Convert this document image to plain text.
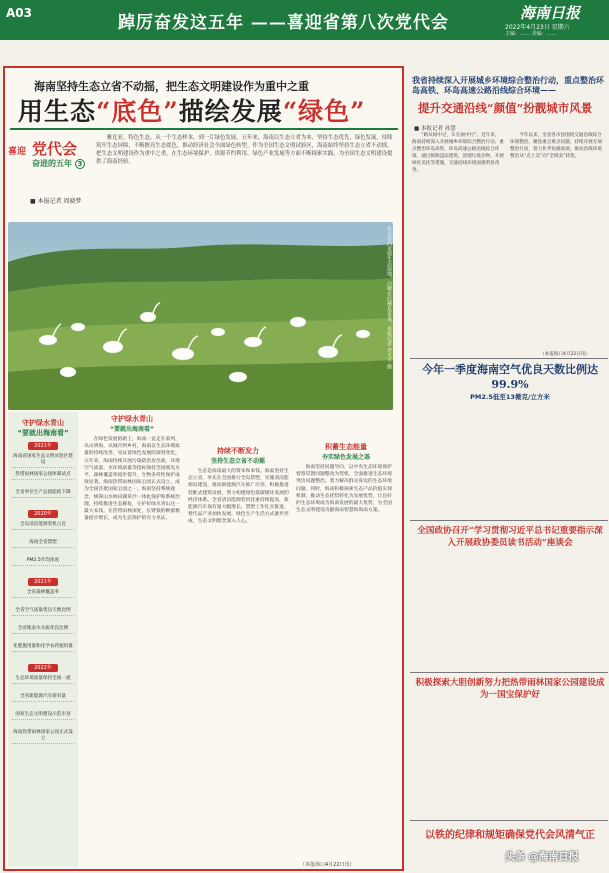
A03	踔厉奋发这五年 ——喜迎省第八次党代会	海南日报
2022年4月23日 星期六
主编：…… 美编：……
海南坚持生态立省不动摇，把生态文明建设作为重中之重
用生态“底色”描绘发展“绿色”
喜迎 党代会
奋进的五年 3
■ 本报记者 周晓梦
雅比亚，特色生态。从一个生态样本，到一片绿色发展，五年来，海南以生态立省为本，坚持生态优先、绿色发展，持续筑牢生态屏障，不断擦亮生态底色，推动经济社会全面绿色转型。作为全国生态文明试验区，海南始终坚持生态立省不动摇，把生态文明建设作为重中之重，在生态环境保护、资源节约利用、绿色产业发展等方面不断探索实践，为全国生态文明建设提供了海南经验。
东方市四更镇生态湿地，白鹭在此栖息觅食。本报记者 李天平 摄
守护绿水青山
“要就出海南看”
2021年
海南省国家生态文明试验区建设
热带雨林国家公园体制试点
全省单位生产总值能耗下降
2020年
全岛清洁能源装机占比
海南全省禁塑
PM2.5年均浓度
2021年
全省森林覆盖率
全省空气质量优良天数比例
全省地表水水质优良比例
化肥施用量和化学农药使用量
2022年
生态环境质量保持全国一流
全省新能源汽车保有量
国家生态文明建设示范市县
海南热带雨林国家公园正式设立
守护绿水青山
“要就出海南看”
持续不断发力
坚持生态立省不动摇
积蓄生态能量
夯实绿色发展之基
在绿色发展的路上，海南一直走在前列。从山到海，从城市到乡村，海南以生态环境质量的持续改善，见证着绿色发展的深刻变化。五年来，海南持续开展污染防治攻坚战，环境空气质量、水环境质量等指标保持全国领先水平，森林覆盖率稳步提升，生物多样性保护成效显著。海南热带雨林国家公园正式设立，成为全国首批国家公园之一。海南坚持系统观念，统筹山水林田湖草沙一体化保护和系统治理，持续推进生态修复，守护好绿水青山这一最大本钱。在热带雨林深处，长臂猿的种群数量稳步增长，成为生态保护的有力见证。
生态是海南最大的资本和本钱。海南坚持生态立省，率先在全国推行全岛禁塑，实施清洁能源岛建设，推动新能源汽车推广应用，积极推进装配式建筑发展，努力构建绿色低碳循环发展的经济体系。全省清洁能源装机比重持续提高，新能源汽车保有量大幅增长，禁塑工作扎实推进，替代品产业加快发展，绿色生产生活方式逐步形成，生态文明理念深入人心。
海南坚持问题导向，以中央生态环境保护督察反馈问题整改为契机，全面推进生态环境突出问题整治，着力解决群众身边的生态环境问题。同时，海南积极探索生态产品价值实现机制，推动生态优势转化为发展优势，让良好的生态环境成为海南发展的最大优势，为全国生态文明建设贡献海南智慧和海南方案。
（本报海口4月22日讯）
我省持续深入开展城乡环境综合整治行动，重点整治环岛高铁、环岛高速公路沿线综合环境——
提升交通沿线“颜值”扮靓城市风景
■ 本报记者 孙慧
“路从绿中过，车在画中行”。近年来，海南持续深入开展城乡环境综合整治行动，重点整治环岛高铁、环岛高速公路沿线综合环境，通过拆除违法建筑、清理垃圾杂物、开展绿化美化等措施，交通沿线环境面貌明显改善。
今年以来，全省各市县围绕交通沿线综合环境整治，聚焦重点难点问题，持续开展专项整治行动，着力补齐短板弱项，推动沿线环境整治从“点上美”向“全域美”转变。
（本报海口4月22日讯）
今年一季度海南空气优良天数比例达99.9%
PM2.5低至13微克/立方米
全国政协召开“学习贯彻习近平总书记重要指示深入开展政协委员读书活动”座谈会
积极探索大胆创新努力把热带雨林国家公园建设成为一国宝保护好
以铁的纪律和规矩确保党代会风清气正
头条 @海南日报
